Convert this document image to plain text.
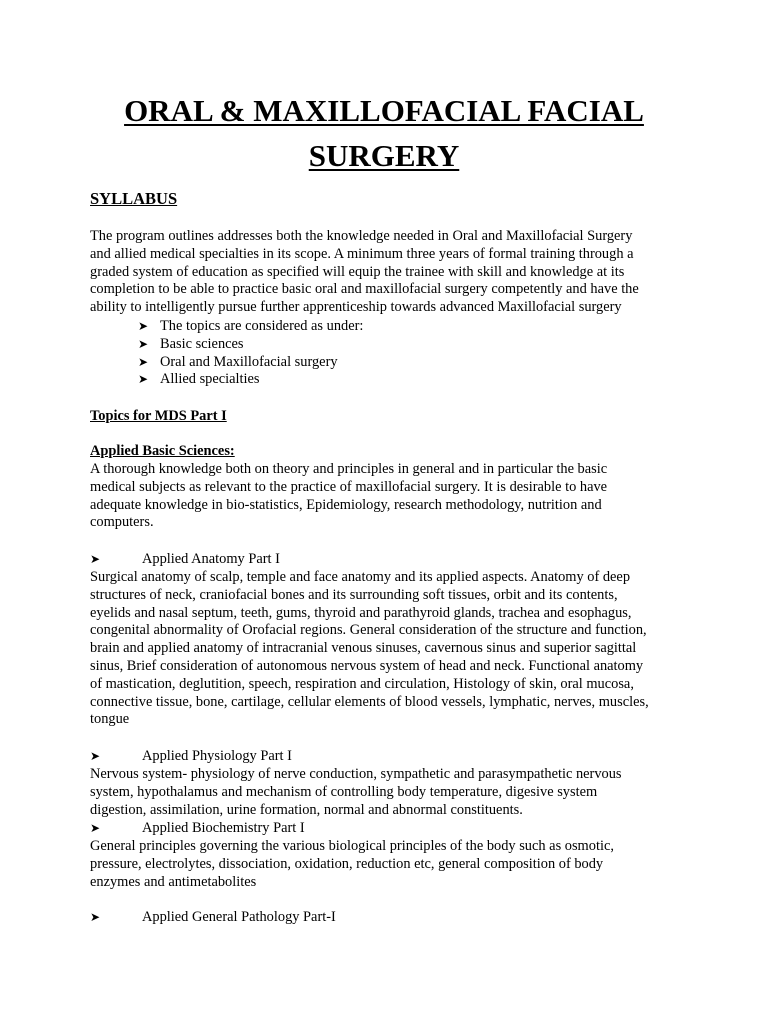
ORAL & MAXILLOFACIAL FACIAL
SURGERY
SYLLABUS
The program outlines addresses both the knowledge needed in Oral and Maxillofacial Surgery
and allied medical specialties in its scope. A minimum three years of formal training through a
graded system of education as specified will equip the trainee with skill and knowledge at its
completion to be able to practice basic oral and maxillofacial surgery competently and have the
ability to intelligently pursue further apprenticeship towards advanced Maxillofacial surgery
➤ The topics are considered as under:
➤ Basic sciences
➤ Oral and Maxillofacial surgery
➤ Allied specialties
Topics for MDS Part I
Applied Basic Sciences:
A thorough knowledge both on theory and principles in general and in particular the basic
medical subjects as relevant to the practice of maxillofacial surgery. It is desirable to have
adequate knowledge in bio-statistics, Epidemiology, research methodology, nutrition and
computers.
➤	Applied Anatomy Part I
Surgical anatomy of scalp, temple and face anatomy and its applied aspects. Anatomy of deep
structures of neck, craniofacial bones and its surrounding soft tissues, orbit and its contents,
eyelids and nasal septum, teeth, gums, thyroid and parathyroid glands, trachea and esophagus,
congenital abnormality of Orofacial regions. General consideration of the structure and function,
brain and applied anatomy of intracranial venous sinuses, cavernous sinus and superior sagittal
sinus, Brief consideration of autonomous nervous system of head and neck. Functional anatomy
of mastication, deglutition, speech, respiration and circulation, Histology of skin, oral mucosa,
connective tissue, bone, cartilage, cellular elements of blood vessels, lymphatic, nerves, muscles,
tongue
➤	Applied Physiology Part I
Nervous system- physiology of nerve conduction, sympathetic and parasympathetic nervous
system, hypothalamus and mechanism of controlling body temperature, digesive system
digestion, assimilation, urine formation, normal and abnormal constituents.
➤	Applied Biochemistry Part I
General principles governing the various biological principles of the body such as osmotic,
pressure, electrolytes, dissociation, oxidation, reduction etc, general composition of body
enzymes and antimetabolites
➤	Applied General Pathology Part-I
